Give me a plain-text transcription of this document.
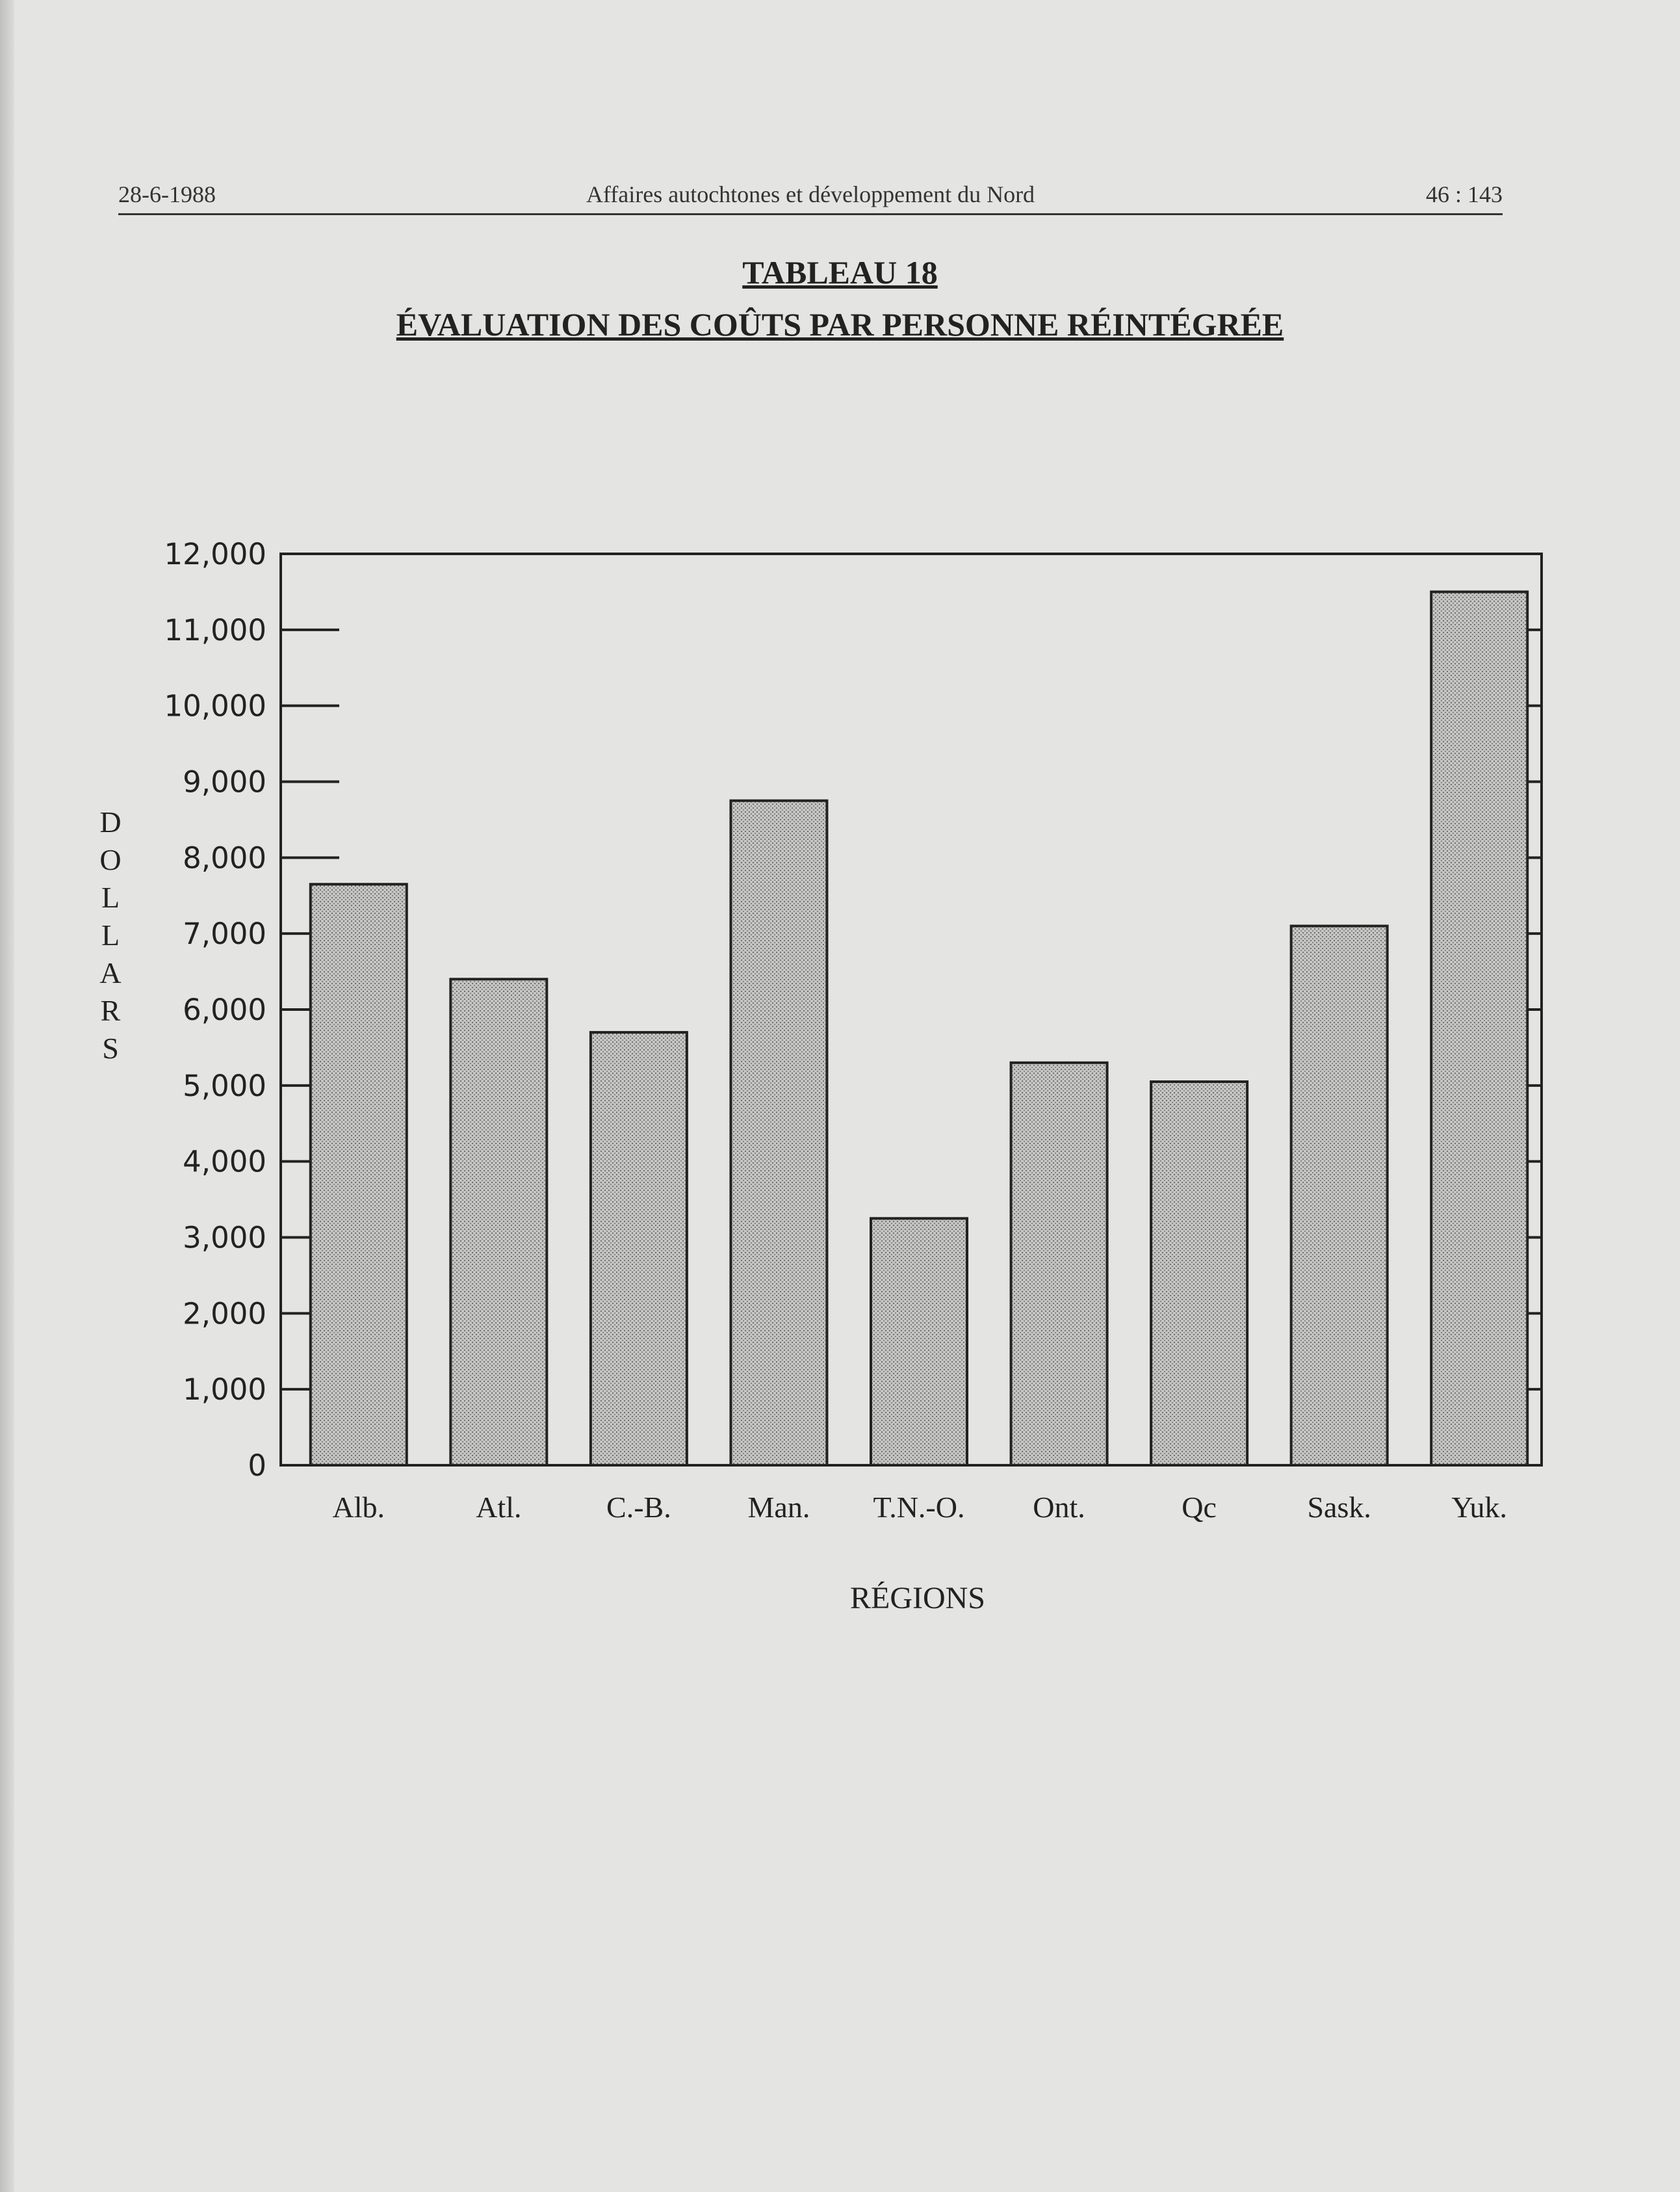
28-6-1988	Affaires autochtones et développement du Nord	46 : 143
TABLEAU 18
ÉVALUATION DES COÛTS PAR PERSONNE RÉINTÉGRÉE
0
1,000
2,000
3,000
4,000
5,000
6,000
7,000
8,000
9,000
10,000
11,000
12,000
Alb.	Atl.	C.-B.	Man. T.N.-O. Ont.	Qc	Sask.	Yuk.
D
O
L
L
A
R
S
RÉGIONS
